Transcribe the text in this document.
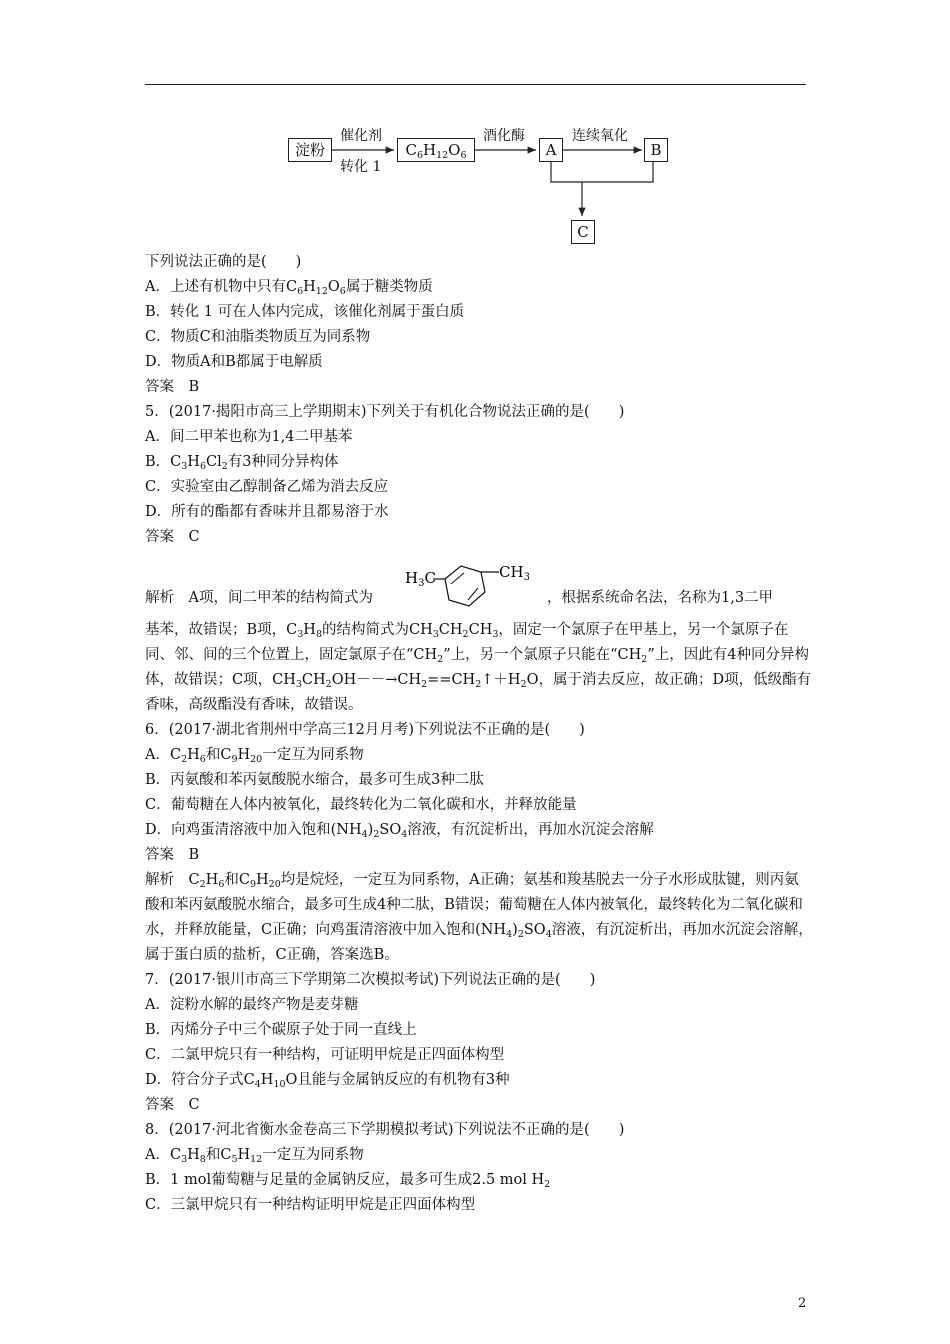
淀粉
催化剂
转化 1
$C_6H_{12}O_6$
酒化酶
A
连续氧化
B
C
下列说法正确的是(　　)
A．上述有机物中只有$C_6H_{12}O_6$属于糖类物质
B．转化 1 可在人体内完成，该催化剂属于蛋白质
C．物质C和油脂类物质互为同系物
D．物质A和B都属于电解质
答案　B
5．(2017·揭阳市高三上学期期末)下列关于有机化合物说法正确的是(　　)
A．间二甲苯也称为1,4二甲基苯
B．$C_3H_6Cl_2$有3种同分异构体
C．实验室由乙醇制备乙烯为消去反应
D．所有的酯都有香味并且都易溶于水
答案　C
$H_3C$	$CH_3$
解析　A项，间二甲苯的结构简式为	，根据系统命名法，名称为1,3二甲
基苯，故错误；B项，$C_3H_8$的结构简式为$CH_3CH_2CH_3$，固定一个氯原子在甲基上，另一个氯原子在同、邻、间的三个位置上，固定氯原子在“$CH_2$”上，另一个氯原子只能在“$CH_2$”上，因此有4种同分异构体，故错误；C项，$CH_3CH_2OH--\to CH_2==CH_2↑+H_2O$，属于消去反应，故正确；D项，低级酯有香味，高级酯没有香味，故错误。
6．(2017·湖北省荆州中学高三12月月考)下列说法不正确的是(　　)
A．$C_2H_6$和$C_9H_{20}$一定互为同系物
B．丙氨酸和苯丙氨酸脱水缩合，最多可生成3种二肽
C．葡萄糖在人体内被氧化，最终转化为二氧化碳和水，并释放能量
D．向鸡蛋清溶液中加入饱和$(NH_4)_2SO_4$溶液，有沉淀析出，再加水沉淀会溶解
答案　B
解析　$C_2H_6$和$C_9H_{20}$均是烷烃，一定互为同系物，A正确；氨基和羧基脱去一分子水形成肽键，则丙氨酸和苯丙氨酸脱水缩合，最多可生成4种二肽，B错误；葡萄糖在人体内被氧化，最终转化为二氧化碳和水，并释放能量，C正确；向鸡蛋清溶液中加入饱和$(NH_4)_2SO_4$溶液，有沉淀析出，再加水沉淀会溶解，属于蛋白质的盐析，C正确，答案选B。
7．(2017·银川市高三下学期第二次模拟考试)下列说法正确的是(　　)
A．淀粉水解的最终产物是麦芽糖
B．丙烯分子中三个碳原子处于同一直线上
C．二氯甲烷只有一种结构，可证明甲烷是正四面体构型
D．符合分子式$C_4H_{10}O$且能与金属钠反应的有机物有3种
答案　C
8．(2017·河北省衡水金卷高三下学期模拟考试)下列说法不正确的是(　　)
A．$C_3H_8$和$C_5H_{12}$一定互为同系物
B．1 mol葡萄糖与足量的金属钠反应，最多可生成2.5 mol $H_2$
C．三氯甲烷只有一种结构证明甲烷是正四面体构型
2
